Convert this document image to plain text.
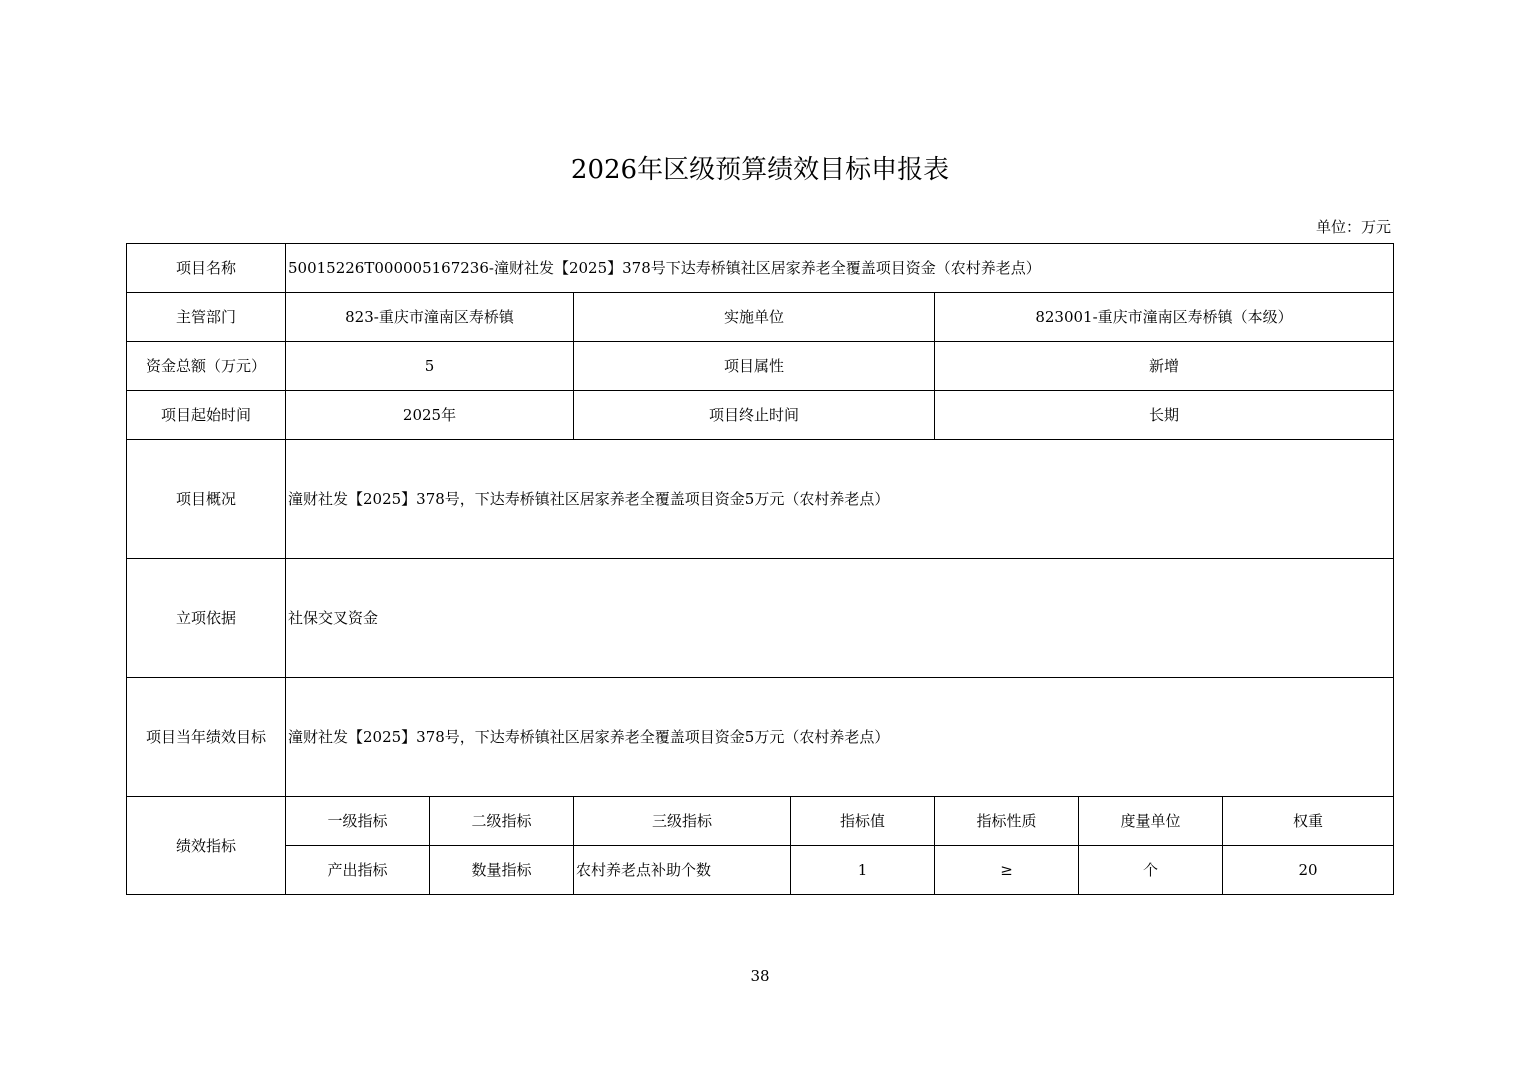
2026年区级预算绩效目标申报表
单位：万元
项目名称	50015226T000005167236-潼财社发【2025】378号下达寿桥镇社区居家养老全覆盖项目资金（农村养老点）						
主管部门	823-重庆市潼南区寿桥镇		实施单位		823001-重庆市潼南区寿桥镇（本级）		
资金总额（万元）	5		项目属性		新增		
项目起始时间	2025年		项目终止时间		长期		
项目概况	潼财社发【2025】378号，下达寿桥镇社区居家养老全覆盖项目资金5万元（农村养老点）						
立项依据	社保交叉资金						
项目当年绩效目标	潼财社发【2025】378号，下达寿桥镇社区居家养老全覆盖项目资金5万元（农村养老点）						
绩效指标	一级指标	二级指标	三级指标	指标值	指标性质	度量单位	权重
	产出指标	数量指标	农村养老点补助个数	1	≥	个	20
38
